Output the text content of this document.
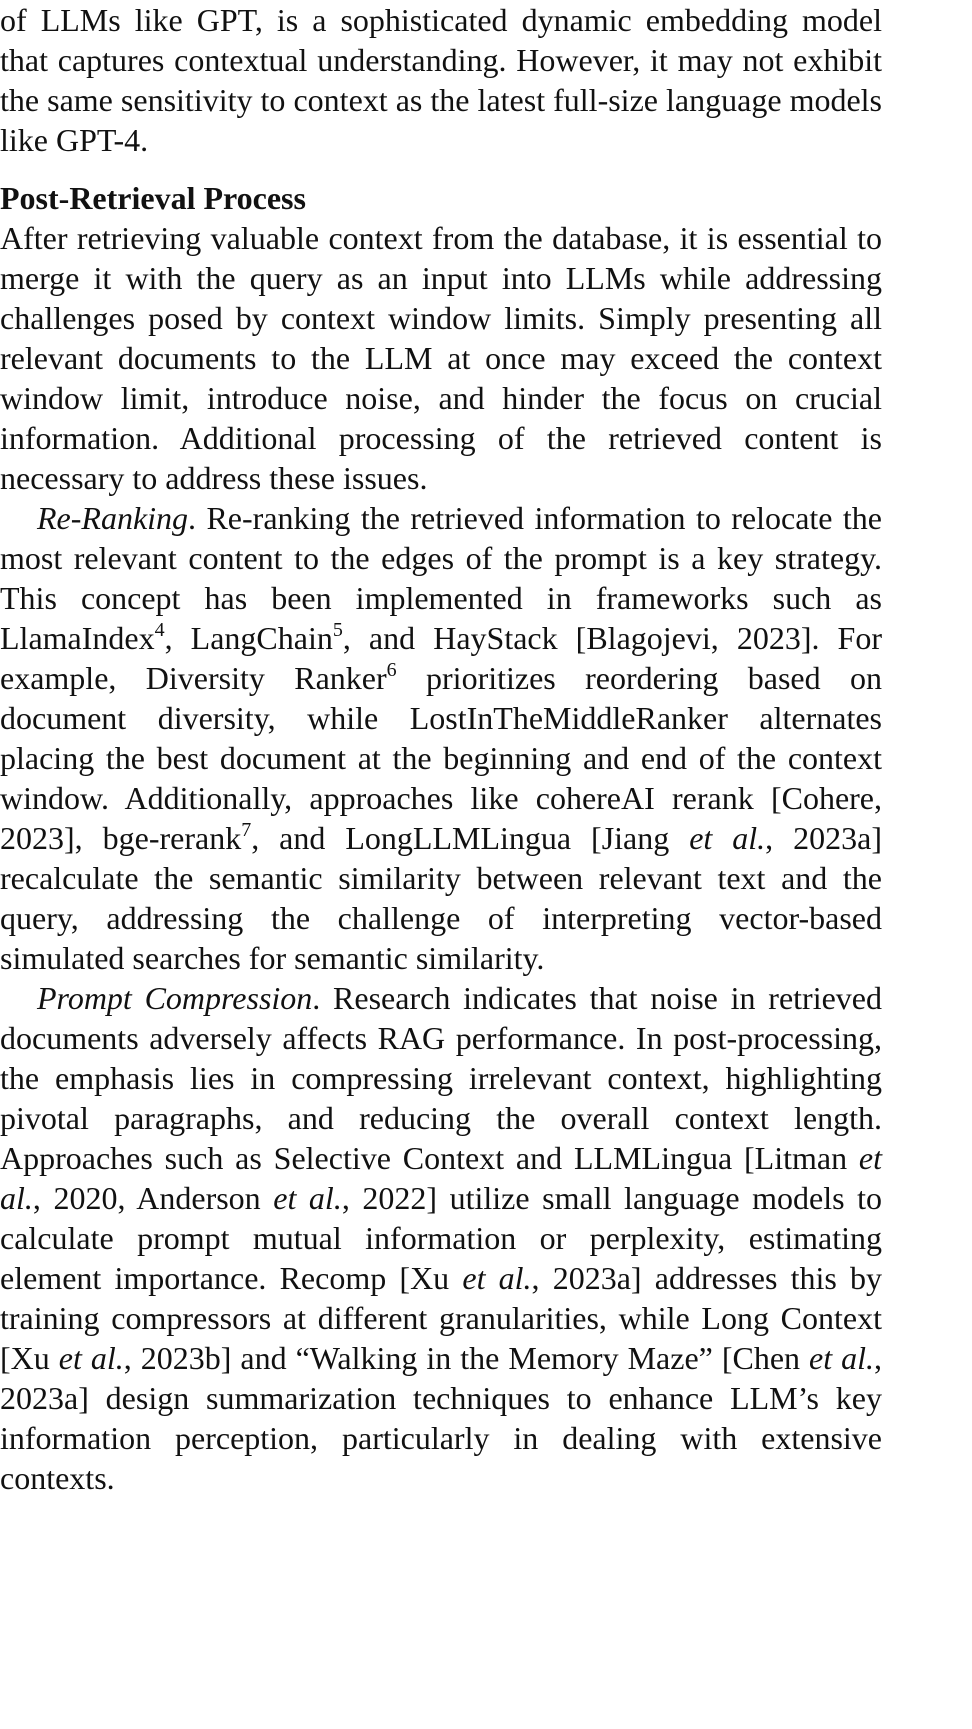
of LLMs like GPT, is a sophisticated dynamic embedding model that captures contextual understanding. However, it may not exhibit the same sensitivity to context as the latest full-size language models like GPT-4.

Post-Retrieval Process

After retrieving valuable context from the database, it is essential to merge it with the query as an input into LLMs while addressing challenges posed by context window limits. Simply presenting all relevant documents to the LLM at once may exceed the context window limit, introduce noise, and hinder the focus on crucial information. Additional processing of the retrieved content is necessary to address these issues.

Re-Ranking. Re-ranking the retrieved information to relocate the most relevant content to the edges of the prompt is a key strategy. This concept has been implemented in frameworks such as LlamaIndex$^4$, LangChain$^5$, and HayStack [Blagojevi, 2023]. For example, Diversity Ranker$^6$ prioritizes reordering based on document diversity, while LostInTheMiddleRanker alternates placing the best document at the beginning and end of the context window. Additionally, approaches like cohereAI rerank [Cohere, 2023], bge-rerank$^7$, and LongLLMLingua [Jiang et al., 2023a] recalculate the semantic similarity between relevant text and the query, addressing the challenge of interpreting vector-based simulated searches for semantic similarity.

Prompt Compression. Research indicates that noise in retrieved documents adversely affects RAG performance. In post-processing, the emphasis lies in compressing irrelevant context, highlighting pivotal paragraphs, and reducing the overall context length. Approaches such as Selective Context and LLMLingua [Litman et al., 2020, Anderson et al., 2022] utilize small language models to calculate prompt mutual information or perplexity, estimating element importance. Recomp [Xu et al., 2023a] addresses this by training compressors at different granularities, while Long Context [Xu et al., 2023b] and “Walking in the Memory Maze” [Chen et al., 2023a] design summarization techniques to enhance LLM’s key information perception, particularly in dealing with extensive contexts.
